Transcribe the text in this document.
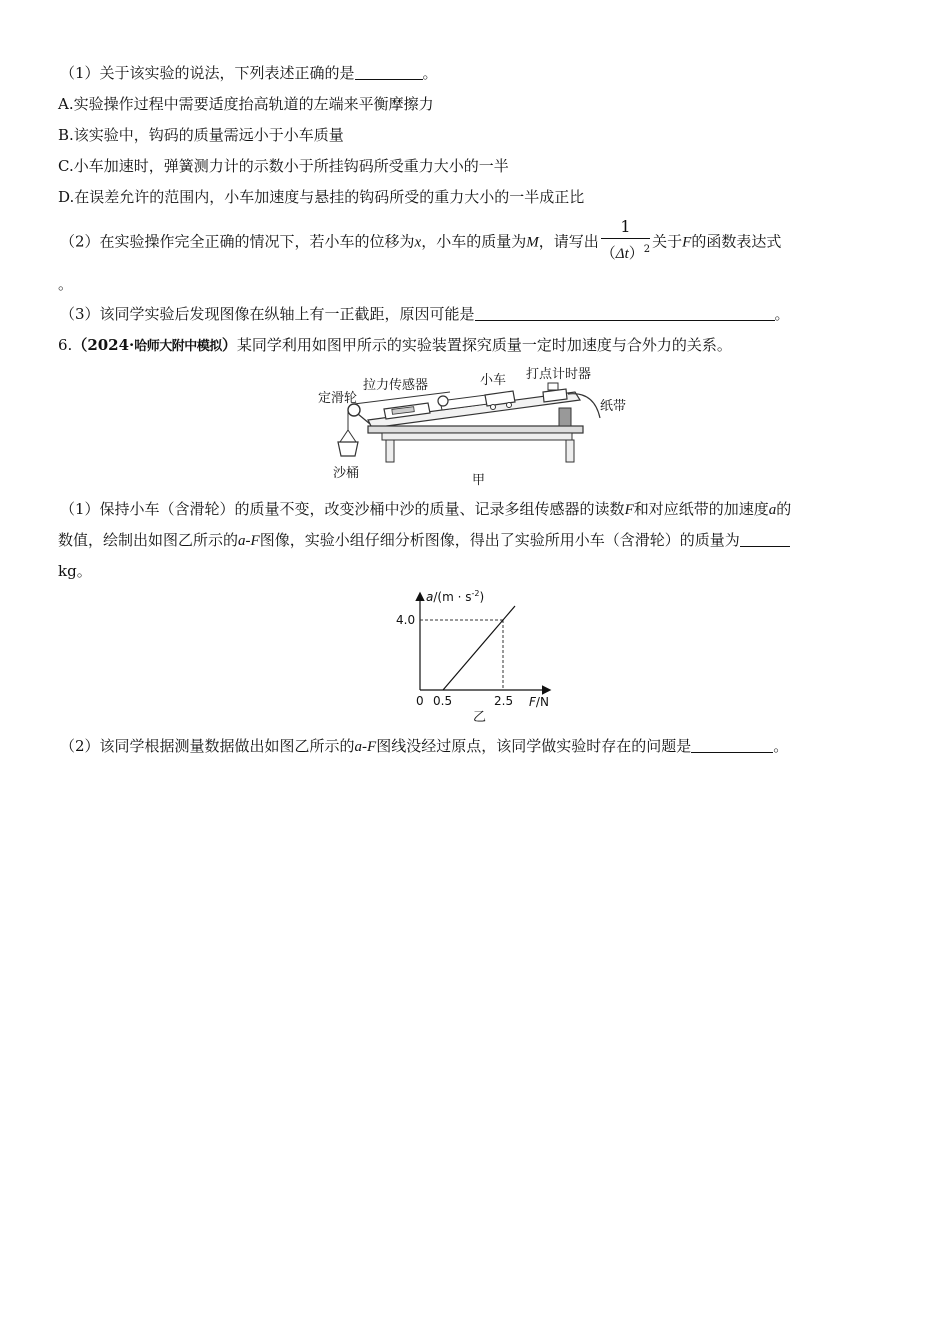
（1）关于该实验的说法，下列表述正确的是	。
A.实验操作过程中需要适度抬高轨道的左端来平衡摩擦力
B.该实验中，钩码的质量需远小于小车质量
C.小车加速时，弹簧测力计的示数小于所挂钩码所受重力大小的一半
D.在误差允许的范围内，小车加速度与悬挂的钩码所受的重力大小的一半成正比
（2）在实验操作完全正确的情况下，若小车的位移为x，小车的质量为M，请写出 $\frac{1}{(\Delta t)^2}$ 关于F的函数表达式
。
（3）该同学实验后发现图像在纵轴上有一正截距，原因可能是	。
6.（2024·哈师大附中模拟）某同学利用如图甲所示的实验装置探究质量一定时加速度与合外力的关系。
定滑轮
拉力传感器	小车 打点计时器
纸带
沙桶	甲
（1）保持小车（含滑轮）的质量不变，改变沙桶中沙的质量、记录多组传感器的读数F和对应纸带的加速度a的
数值，绘制出如图乙所示的a-F图像，实验小组仔细分析图像，得出了实验所用小车（含滑轮）的质量为
kg。
$a/(m \cdot s^{-2})$
4.0
0 0.5	2.5 F/N
乙
（2）该同学根据测量数据做出如图乙所示的a-F图线没经过原点，该同学做实验时存在的问题是	。
